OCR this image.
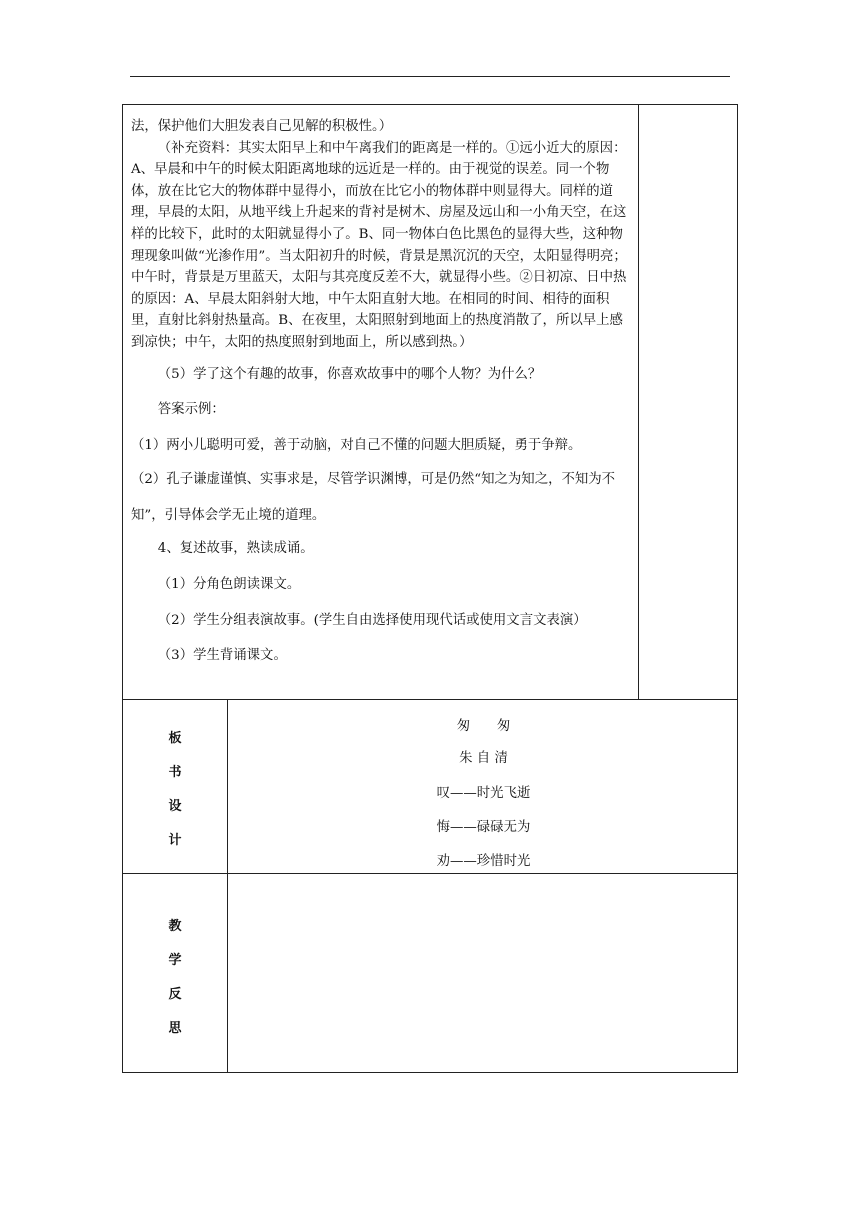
法，保护他们大胆发表自己见解的积极性。）

（补充资料：其实太阳早上和中午离我们的距离是一样的。①远小近大的原因：A、早晨和中午的时候太阳距离地球的远近是一样的。由于视觉的误差。同一个物体，放在比它大的物体群中显得小，而放在比它小的物体群中则显得大。同样的道理，早晨的太阳，从地平线上升起来的背衬是树木、房屋及远山和一小角天空，在这样的比较下，此时的太阳就显得小了。B、同一物体白色比黑色的显得大些，这种物理现象叫做“光渗作用”。当太阳初升的时候，背景是黑沉沉的天空，太阳显得明亮；中午时，背景是万里蓝天，太阳与其亮度反差不大，就显得小些。②日初凉、日中热的原因：A、早晨太阳斜射大地，中午太阳直射大地。在相同的时间、相待的面积里，直射比斜射热量高。B、在夜里，太阳照射到地面上的热度消散了，所以早上感到凉快；中午，太阳的热度照射到地面上，所以感到热。）

（5）学了这个有趣的故事，你喜欢故事中的哪个人物？为什么？

答案示例：

（1）两小儿聪明可爱，善于动脑，对自己不懂的问题大胆质疑，勇于争辩。

（2）孔子谦虚谨慎、实事求是，尽管学识渊博，可是仍然“知之为知之，不知为不知”，引导体会学无止境的道理。

4、复述故事，熟读成诵。

（1）分角色朗读课文。

（2）学生分组表演故事。(学生自由选择使用现代话或使用文言文表演）

（3）学生背诵课文。

板
书
设
计
匆　　匆
朱 自 清
叹——时光飞逝
悔——碌碌无为
劝——珍惜时光
教
学
反
思
